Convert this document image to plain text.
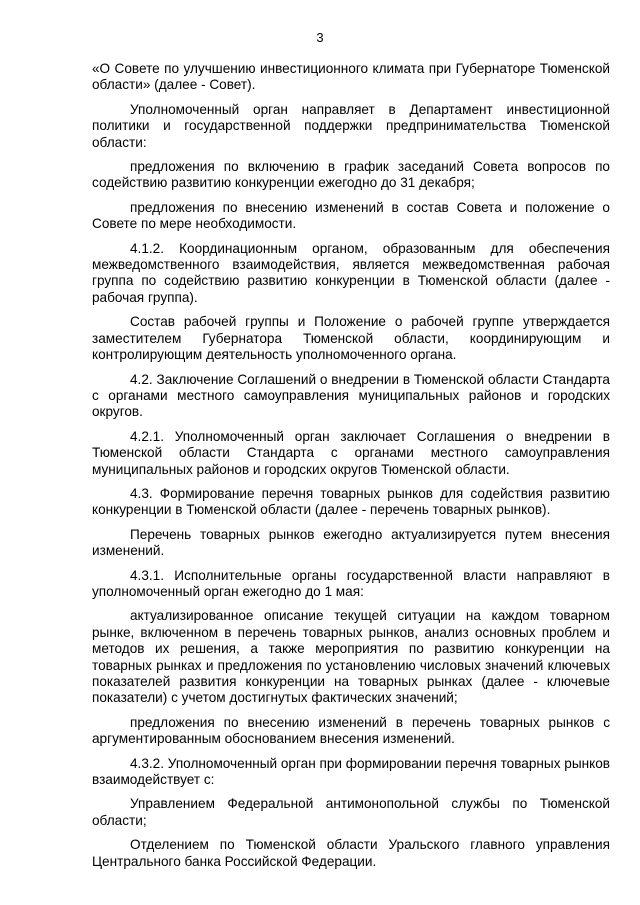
3

«О Совете по улучшению инвестиционного климата при Губернаторе Тюменской области» (далее - Совет).

Уполномоченный орган направляет в Департамент инвестиционной политики и государственной поддержки предпринимательства Тюменской области:

предложения по включению в график заседаний Совета вопросов по содействию развитию конкуренции ежегодно до 31 декабря;

предложения по внесению изменений в состав Совета и положение о Совете по мере необходимости.

4.1.2. Координационным органом, образованным для обеспечения межведомственного взаимодействия, является межведомственная рабочая группа по содействию развитию конкуренции в Тюменской области (далее - рабочая группа).

Состав рабочей группы и Положение о рабочей группе утверждается заместителем Губернатора Тюменской области, координирующим и контролирующим деятельность уполномоченного органа.

4.2. Заключение Соглашений о внедрении в Тюменской области Стандарта с органами местного самоуправления муниципальных районов и городских округов.

4.2.1. Уполномоченный орган заключает Соглашения о внедрении в Тюменской области Стандарта с органами местного самоуправления муниципальных районов и городских округов Тюменской области.

4.3. Формирование перечня товарных рынков для содействия развитию конкуренции в Тюменской области (далее - перечень товарных рынков).

Перечень товарных рынков ежегодно актуализируется путем внесения изменений.

4.3.1. Исполнительные органы государственной власти направляют в уполномоченный орган ежегодно до 1 мая:

актуализированное описание текущей ситуации на каждом товарном рынке, включенном в перечень товарных рынков, анализ основных проблем и методов их решения, а также мероприятия по развитию конкуренции на товарных рынках и предложения по установлению числовых значений ключевых показателей развития конкуренции на товарных рынках (далее - ключевые показатели) с учетом достигнутых фактических значений;

предложения по внесению изменений в перечень товарных рынков с аргументированным обоснованием внесения изменений.

4.3.2. Уполномоченный орган при формировании перечня товарных рынков взаимодействует с:

Управлением Федеральной антимонопольной службы по Тюменской области;

Отделением по Тюменской области Уральского главного управления Центрального банка Российской Федерации.
